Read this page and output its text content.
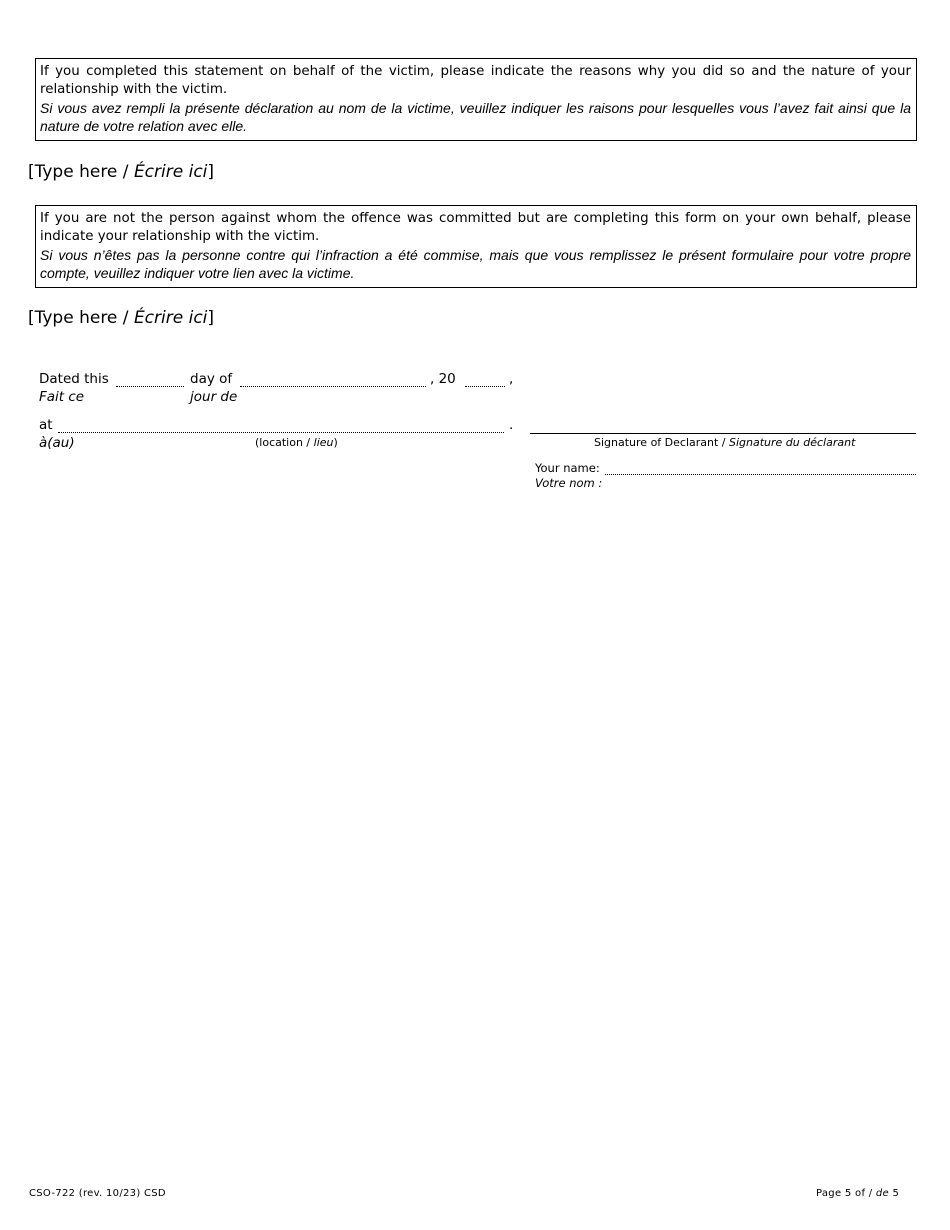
If you completed this statement on behalf of the victim, please indicate the reasons why you did so and the nature of your relationship with the victim.
Si vous avez rempli la présente déclaration au nom de la victime, veuillez indiquer les raisons pour lesquelles vous l’avez fait ainsi que la nature de votre relation avec elle.
[Type here / Écrire ici]
If you are not the person against whom the offence was committed but are completing this form on your own behalf, please indicate your relationship with the victim.
Si vous n’êtes pas la personne contre qui l’infraction a été commise, mais que vous remplissez le présent formulaire pour votre propre compte, veuillez indiquer votre lien avec la victime.
[Type here / Écrire ici]
Dated this
Fait ce
day of
jour de
, 20	,
at
à(au)
.
(location / lieu)	Signature of Declarant / Signature du déclarant
Your name:
Votre nom :
CSO-722 (rev. 10/23) CSD	Page 5 of / de 5
